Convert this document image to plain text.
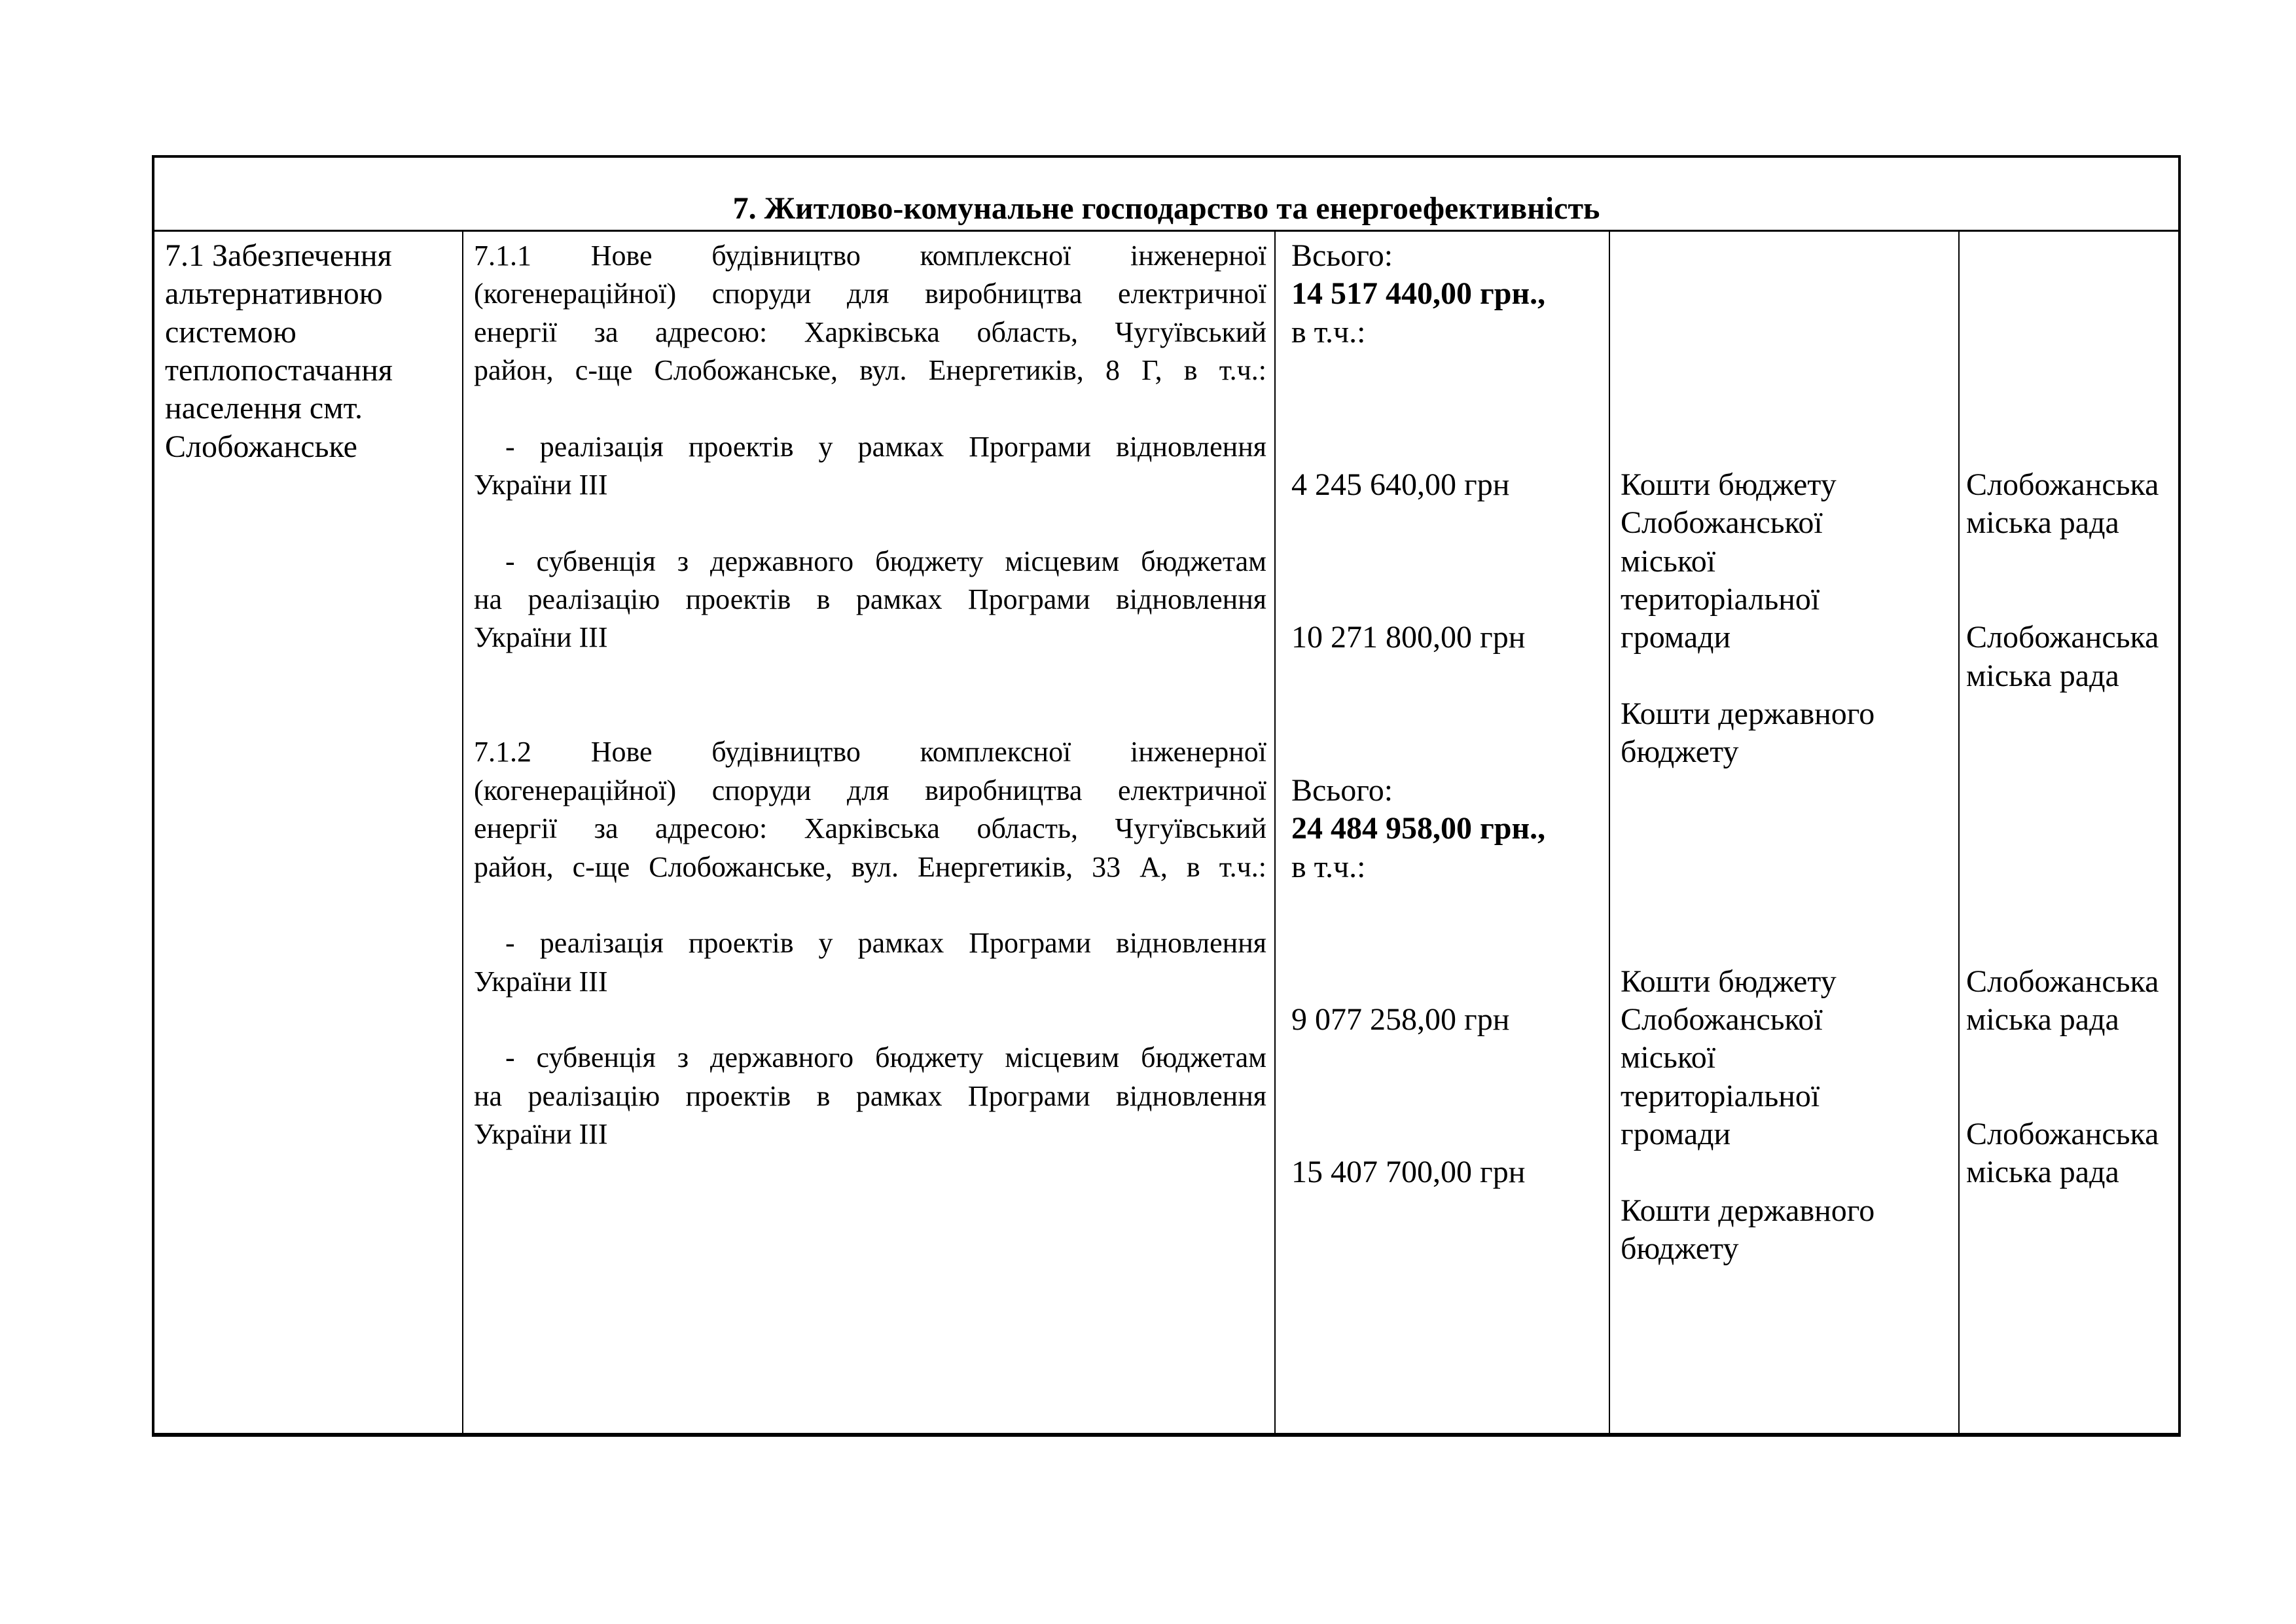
7. Житлово-комунальне господарство та енергоефективність
7.1 Забезпечення
альтернативною
системою
теплопостачання
населення смт.
Слобожанське
7.1.1 Нове будівництво комплексної інженерної
(когенераційної) споруди для виробництва електричної
енергії за адресою: Харківська область, Чугуївський
район, с-ще Слобожанське, вул. Енергетиків, 8 Г, в т.ч.:
- реалізація проектів у рамках Програми відновлення
України ІІІ
- субвенція з державного бюджету місцевим бюджетам
на реалізацію проектів в рамках Програми відновлення
України ІІІ
7.1.2 Нове будівництво комплексної інженерної
(когенераційної) споруди для виробництва електричної
енергії за адресою: Харківська область, Чугуївський
район, с-ще Слобожанське, вул. Енергетиків, 33 А, в т.ч.:
- реалізація проектів у рамках Програми відновлення
України ІІІ
- субвенція з державного бюджету місцевим бюджетам
на реалізацію проектів в рамках Програми відновлення
України ІІІ
Всього:
14 517 440,00 грн.,
в т.ч.:
4 245 640,00 грн
10 271 800,00 грн
Всього:
24 484 958,00 грн.,
в т.ч.:
9 077 258,00 грн
15 407 700,00 грн
Кошти бюджету
Слобожанської
міської
територіальної
громади
Кошти державного
бюджету
Кошти бюджету
Слобожанської
міської
територіальної
громади
Кошти державного
бюджету
Слобожанська
міська рада
Слобожанська
міська рада
Слобожанська
міська рада
Слобожанська
міська рада
